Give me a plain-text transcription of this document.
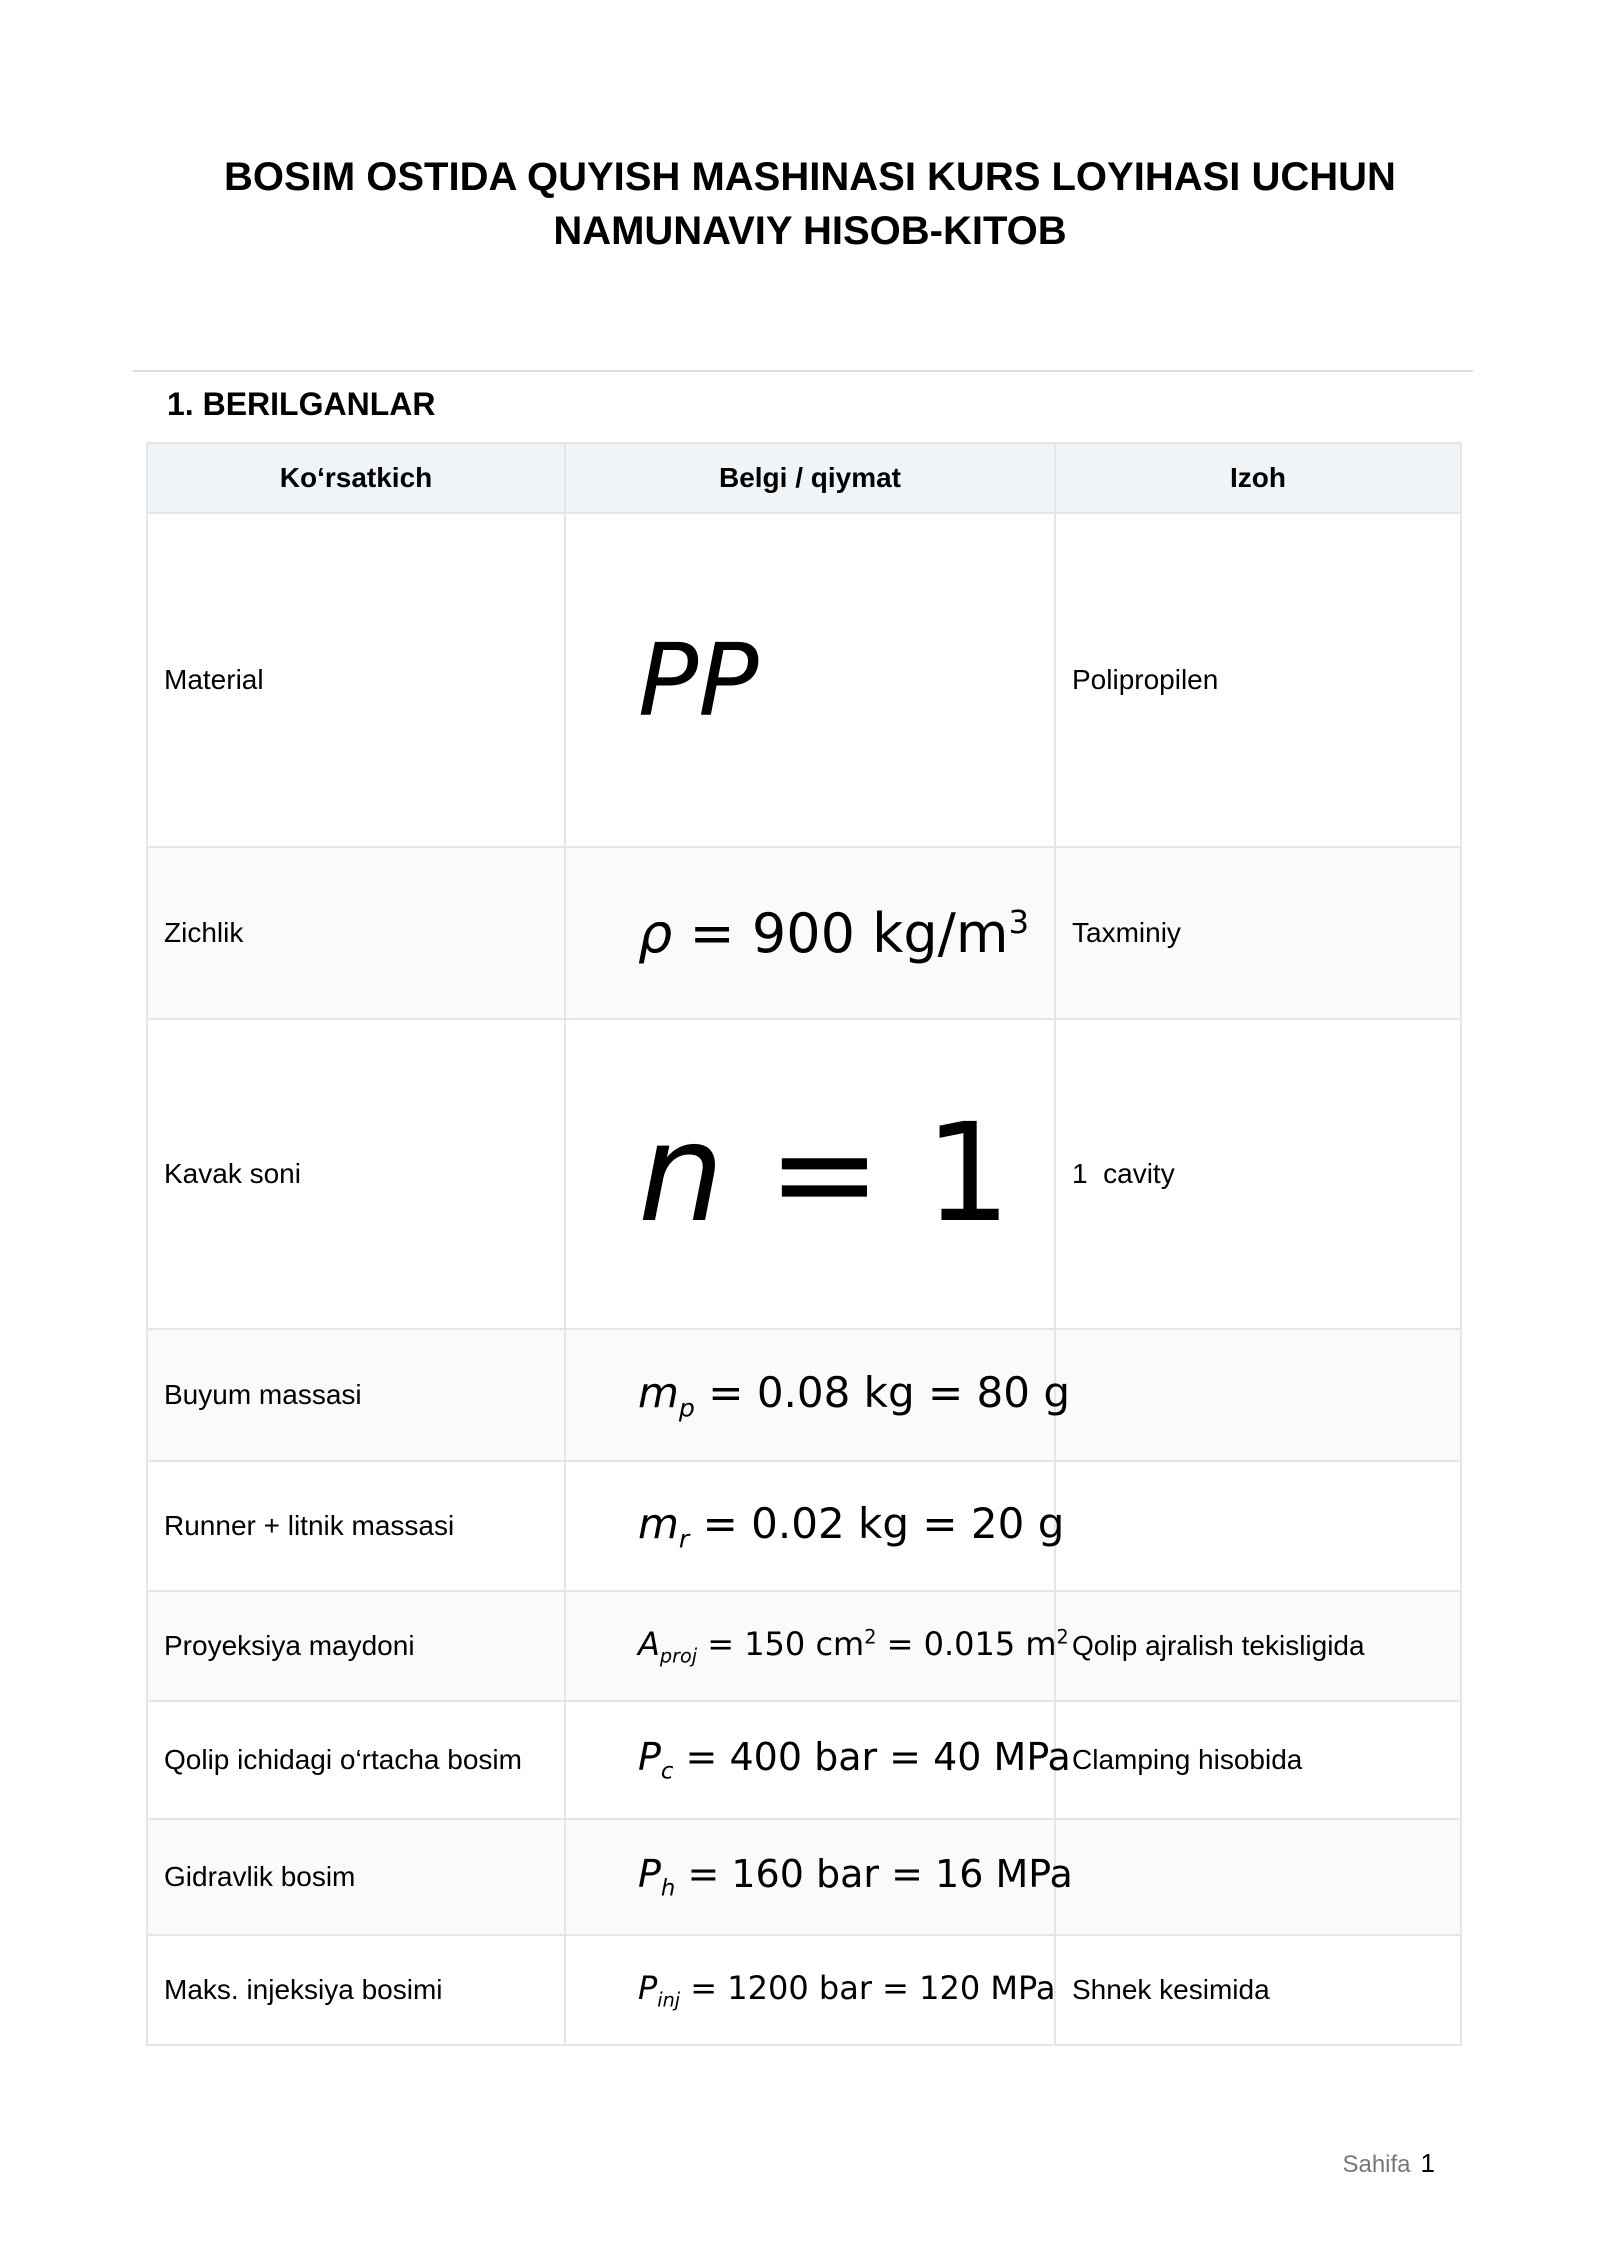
BOSIM OSTIDA QUYISH MASHINASI KURS LOYIHASI UCHUN
NAMUNAVIY HISOB-KITOB
1. BERILGANLAR
Ko‘rsatkich	Belgi / qiymat	Izoh
Material	PP	Polipropilen
Zichlik	ρ = 900 $kg/m^3$	Taxminiy
Kavak soni	n = 1	1  cavity
Buyum massasi	$m_p = 0.08$ kg = 80 g	
Runner + litnik massasi	$m_r = 0.02$ kg = 20 g	
Proyeksiya maydoni	$A_{proj} = 150$ $cm^2 = 0.015$ $m^2$	Qolip ajralish tekisligida
Qolip ichidagi o‘rtacha bosim	$P_c = 400$ bar = 40 MPa	Clamping hisobida
Gidravlik bosim	$P_h = 160$ bar = 16 MPa	
Maks. injeksiya bosimi	$P_{inj} = 1200$ bar = 120 MPa	Shnek kesimida
Sahifa 1
